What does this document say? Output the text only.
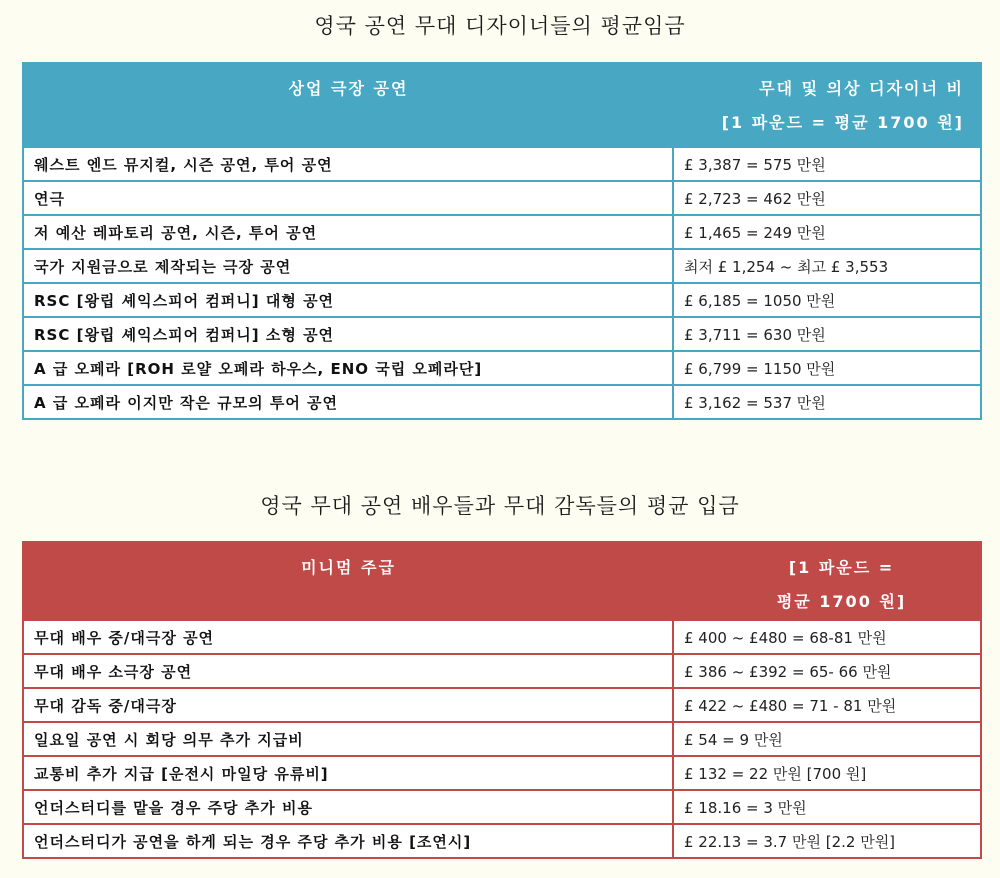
영국 공연 무대 디자이너들의 평균임금
상업 극장 공연	무대 및 의상 디자이너 비
[1 파운드 = 평균 1700 원]

웨스트 엔드 뮤지컬, 시즌 공연, 투어 공연	£ 3,387 = 575 만원
연극	£ 2,723 = 462 만원
저 예산 레파토리 공연, 시즌, 투어 공연	£ 1,465 = 249 만원
국가 지원금으로 제작되는 극장 공연	최저 £ 1,254 ~ 최고 £ 3,553
RSC [왕립 셰익스피어 컴퍼니] 대형 공연	£ 6,185 = 1050 만원
RSC [왕립 셰익스피어 컴퍼니] 소형 공연	£ 3,711 = 630 만원
A 급 오페라 [ROH 로얄 오페라 하우스, ENO 국립 오페라단]	£ 6,799 = 1150 만원
A 급 오페라 이지만 작은 규모의 투어 공연	£ 3,162 = 537 만원
영국 무대 공연 배우들과 무대 감독들의 평균 입금
미니멈 주급	[1 파운드 =
평균 1700 원]

무대 배우 중/대극장 공연	£ 400 ~ £480 = 68-81 만원
무대 배우 소극장 공연	£ 386 ~ £392 = 65- 66 만원
무대 감독 중/대극장	£ 422 ~ £480 = 71 - 81 만원
일요일 공연 시 회당 의무 추가 지급비	£ 54 = 9 만원
교통비 추가 지급 [운전시 마일당 유류비]	£ 132 = 22 만원 [700 원]
언더스터디를 맡을 경우 주당 추가 비용	£ 18.16 = 3 만원
언더스터디가 공연을 하게 되는 경우 주당 추가 비용 [조연시]	£ 22.13 = 3.7 만원 [2.2 만원]
